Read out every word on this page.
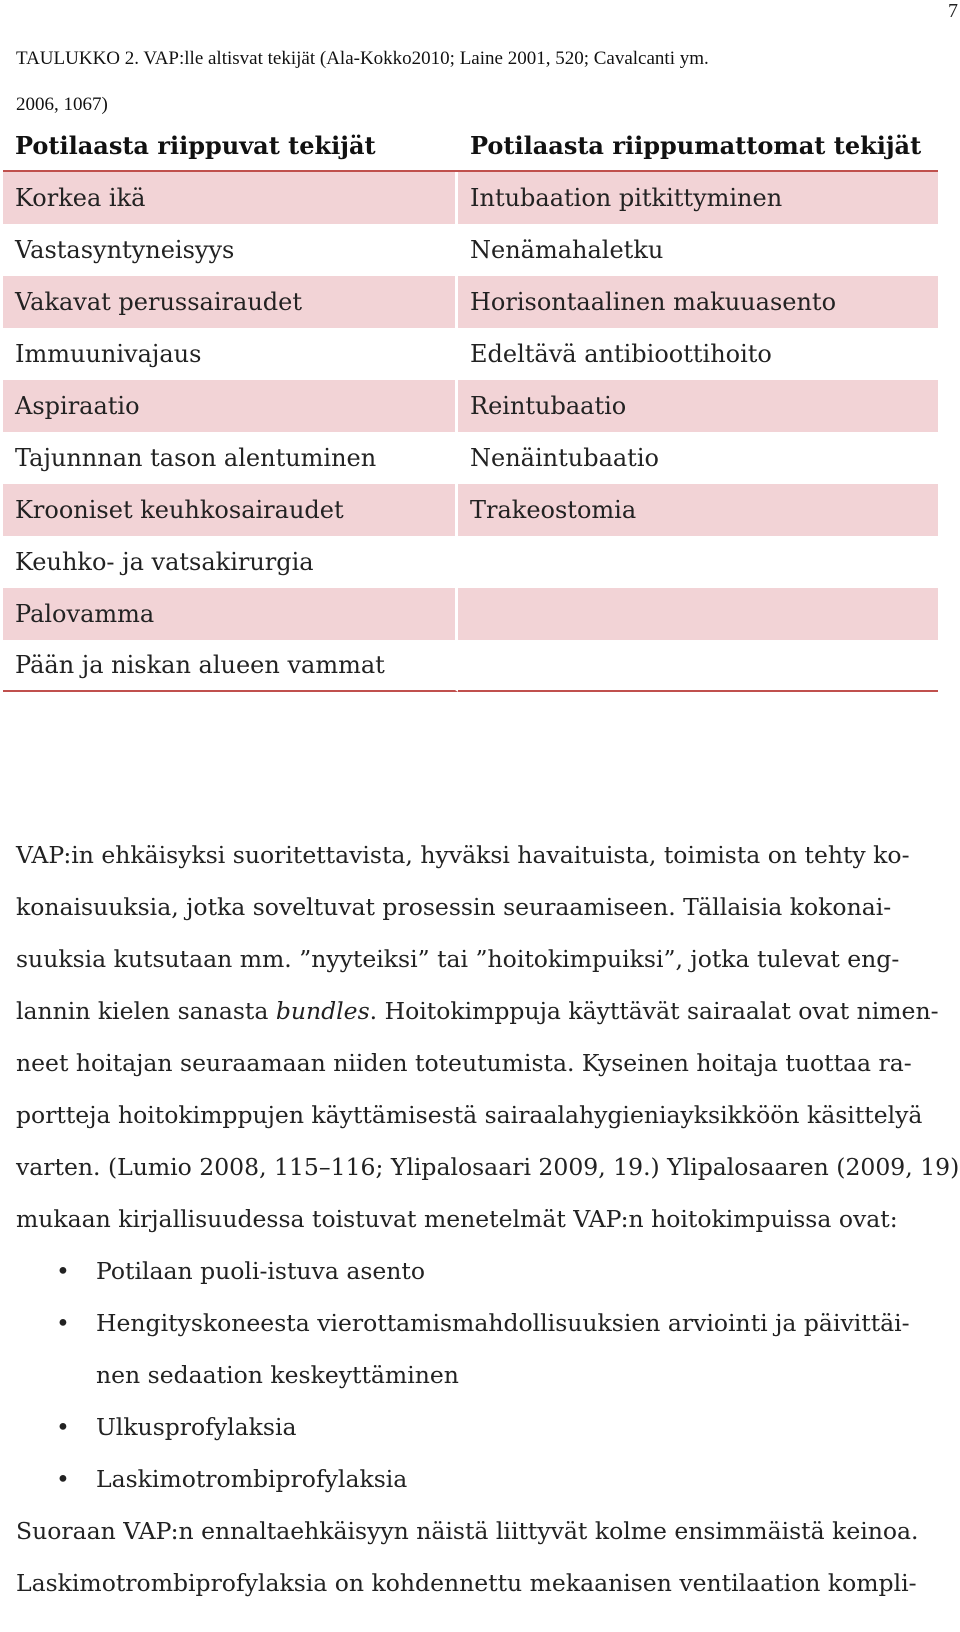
7
TAULUKKO 2. VAP:lle altisvat tekijät (Ala-Kokko2010; Laine 2001, 520; Cavalcanti ym.
2006, 1067)
Potilaasta riippuvat tekijät	Potilaasta riippumattomat tekijät
Korkea ikä	Intubaation pitkittyminen
Vastasyntyneisyys	Nenämahaletku
Vakavat perussairaudet	Horisontaalinen makuuasento
Immuunivajaus	Edeltävä antibioottihoito
Aspiraatio	Reintubaatio
Tajunnnan tason alentuminen	Nenäintubaatio
Krooniset keuhkosairaudet	Trakeostomia
Keuhko- ja vatsakirurgia	
Palovamma	
Pään ja niskan alueen vammat	
VAP:in ehkäisyksi suoritettavista, hyväksi havaituista, toimista on tehty ko-
konaisuuksia, jotka soveltuvat prosessin seuraamiseen. Tällaisia kokonai-
suuksia kutsutaan mm. ”nyyteiksi” tai ”hoitokimpuiksi”, jotka tulevat eng-
lannin kielen sanasta bundles. Hoitokimppuja käyttävät sairaalat ovat nimen-
neet hoitajan seuraamaan niiden toteutumista. Kyseinen hoitaja tuottaa ra-
portteja hoitokimppujen käyttämisestä sairaalahygieniayksikköön käsittelyä
varten. (Lumio 2008, 115–116; Ylipalosaari 2009, 19.) Ylipalosaaren (2009, 19)
mukaan kirjallisuudessa toistuvat menetelmät VAP:n hoitokimpuissa ovat:
• Potilaan puoli-istuva asento
• Hengityskoneesta vierottamismahdollisuuksien arviointi ja päivittäi-
nen sedaation keskeyttäminen
• Ulkusprofylaksia
• Laskimotrombiprofylaksia
Suoraan VAP:n ennaltaehkäisyyn näistä liittyvät kolme ensimmäistä keinoa.
Laskimotrombiprofylaksia on kohdennettu mekaanisen ventilaation kompli-
